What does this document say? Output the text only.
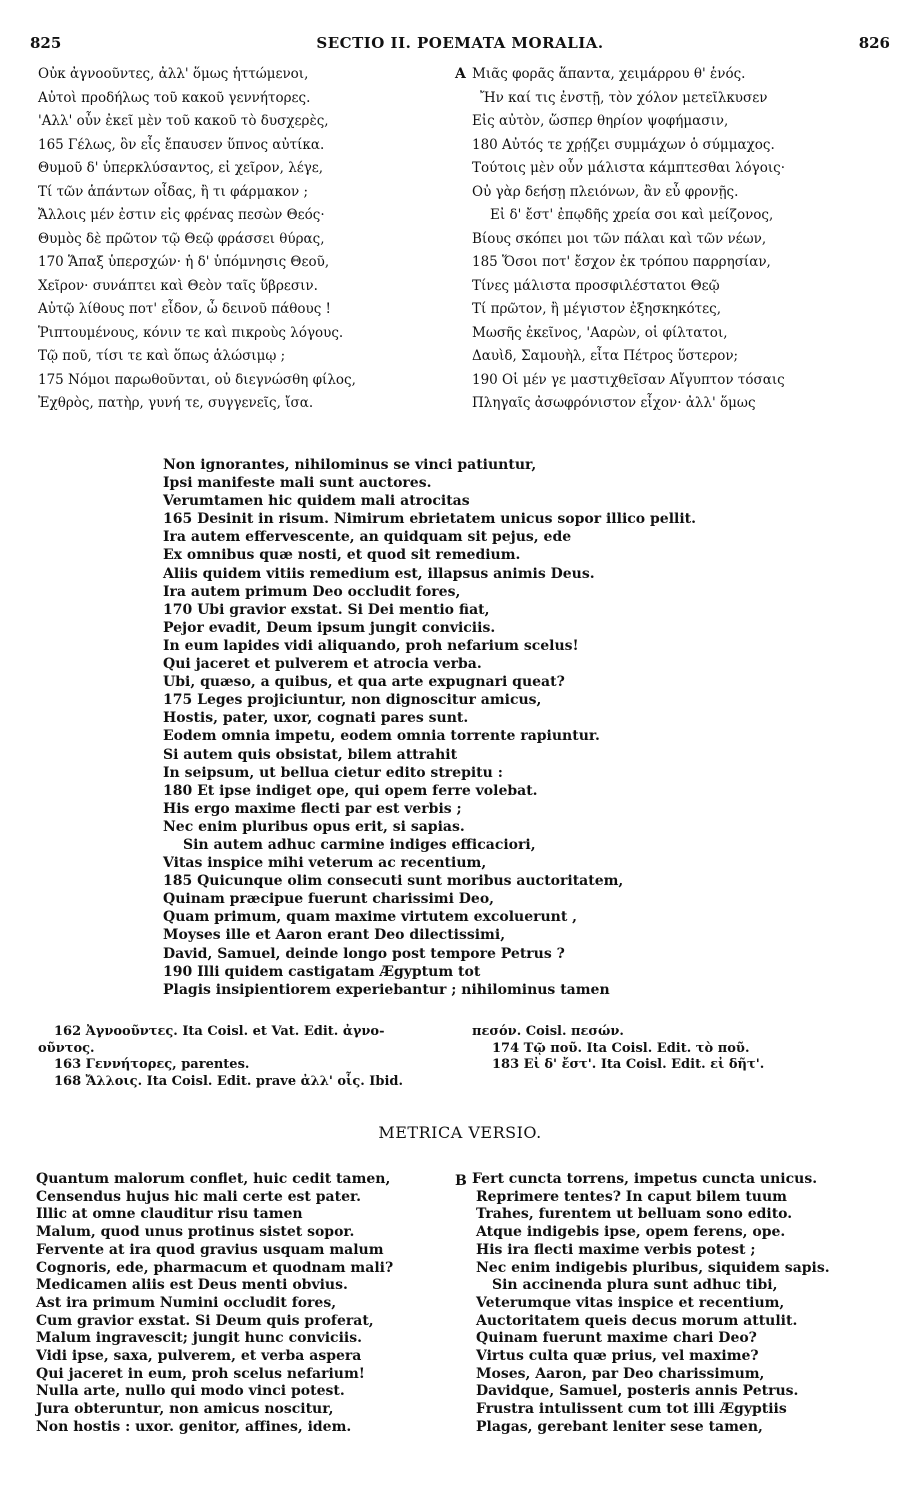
825	SECTIO II. POEMATA MORALIA.	826
Οὐκ ἀγνοοῦντες, ἀλλ' ὅμως ἡττώμενοι,
Αὐτοὶ προδήλως τοῦ κακοῦ γεννήτορες.
'Αλλ' οὖν ἐκεῖ μὲν τοῦ κακοῦ τὸ δυσχερὲς,
165 Γέλως, ὃν εἶς ἔπαυσεν ὕπνος αὐτίκα.
Θυμοῦ δ' ὑπερκλύσαντος, εἰ χεῖρον, λέγε,
Τί τῶν ἁπάντων οἶδας, ἢ τι φάρμακον ;
Ἄλλοις μέν ἐστιν εἰς φρένας πεσὼν Θεός·
Θυμὸς δὲ πρῶτον τῷ Θεῷ φράσσει θύρας,
170 Ἅπαξ ὑπερσχών· ἡ δ' ὑπόμνησις Θεοῦ,
Χεῖρον· συνάπτει καὶ Θεὸν ταῖς ὕβρεσιν.
Αὐτῷ λίθους ποτ' εἶδον, ὦ δεινοῦ πάθους !
Ῥιπτουμένους, κόνιν τε καὶ πικροὺς λόγους.
Τῷ ποῦ, τίσι τε καὶ ὅπως ἁλώσιμῳ ;
175 Νόμοι παρωθοῦνται, οὐ διεγνώσθη φίλος,
Ἐχθρὸς, πατὴρ, γυνή τε, συγγενεῖς, ἴσα.
A Μιᾶς φορᾶς ἅπαντα, χειμάρρου θ' ἑνός.
Ἤν καί τις ἐνστῇ, τὸν χόλον μετεῖλκυσεν
Εἰς αὐτὸν, ὥσπερ θηρίον ψοφήμασιν,
180 Αὐτός τε χρῄζει συμμάχων ὁ σύμμαχος.
Τούτοις μὲν οὖν μάλιστα κάμπτεσθαι λόγοις·
Οὐ γὰρ δεήσῃ πλειόνων, ἂν εὖ φρονῇς.
Εἰ δ' ἔστ' ἐπῳδῆς χρεία σοι καὶ μείζονος,
Βίους σκόπει μοι τῶν πάλαι καὶ τῶν νέων,
185 Ὅσοι ποτ' ἔσχον ἐκ τρόπου παρρησίαν,
Τίνες μάλιστα προσφιλέστατοι Θεῷ
Τί πρῶτον, ἢ μέγιστον ἐξησκηκότες,
Μωσῆς ἐκεῖνος, 'Ααρὼν, οἱ φίλτατοι,
Δαυὶδ, Σαμουὴλ, εἶτα Πέτρος ὕστερον;
190 Οἱ μέν γε μαστιχθεῖσαν Αἴγυπτον τόσαις
Πληγαῖς ἀσωφρόνιστον εἶχον· ἀλλ' ὅμως
Non ignorantes, nihilominus se vinci patiuntur,
Ipsi manifeste mali sunt auctores.
Verumtamen hic quidem mali atrocitas
165 Desinit in risum. Nimirum ebrietatem unicus sopor illico pellit.
Ira autem effervescente, an quidquam sit pejus, ede
Ex omnibus quæ nosti, et quod sit remedium.
Aliis quidem vitiis remedium est, illapsus animis Deus.
Ira autem primum Deo occludit fores,
170 Ubi gravior exstat. Si Dei mentio fiat,
Pejor evadit, Deum ipsum jungit conviciis.
In eum lapides vidi aliquando, proh nefarium scelus!
Qui jaceret et pulverem et atrocia verba.
Ubi, quæso, a quibus, et qua arte expugnari queat?
175 Leges projiciuntur, non dignoscitur amicus,
Hostis, pater, uxor, cognati pares sunt.
Eodem omnia impetu, eodem omnia torrente rapiuntur.
Si autem quis obsistat, bilem attrahit
In seipsum, ut bellua cietur edito strepitu :
180 Et ipse indiget ope, qui opem ferre volebat.
His ergo maxime flecti par est verbis ;
Nec enim pluribus opus erit, si sapias.
Sin autem adhuc carmine indiges efficaciori,
Vitas inspice mihi veterum ac recentium,
185 Quicunque olim consecuti sunt moribus auctoritatem,
Quinam præcipue fuerunt charissimi Deo,
Quam primum, quam maxime virtutem excoluerunt ,
Moyses ille et Aaron erant Deo dilectissimi,
David, Samuel, deinde longo post tempore Petrus ?
190 Illi quidem castigatam Ægyptum tot
Plagis insipientiorem experiebantur ; nihilominus tamen
162 Ἀγνοοῦντες. Ita Coisl. et Vat. Edit. ἀγνο-
οῦντος.
163 Γεννήτορες, parentes.
168 Ἄλλοις. Ita Coisl. Edit. prave ἀλλ' οἷς. Ibid.
πεσόν. Coisl. πεσών.
174 Τῷ ποῦ. Ita Coisl. Edit. τὸ ποῦ.
183 Εἰ δ' ἔστ'. Ita Coisl. Edit. εἰ δῆτ'.
METRICA VERSIO.
Quantum malorum conflet, huic cedit tamen,
Censendus hujus hic mali certe est pater.
Illic at omne clauditur risu tamen
Malum, quod unus protinus sistet sopor.
Fervente at ira quod gravius usquam malum
Cognoris, ede, pharmacum et quodnam mali?
Medicamen aliis est Deus menti obvius.
Ast ira primum Numini occludit fores,
Cum gravior exstat. Si Deum quis proferat,
Malum ingravescit; jungit hunc conviciis.
Vidi ipse, saxa, pulverem, et verba aspera
Qui jaceret in eum, proh scelus nefarium!
Nulla arte, nullo qui modo vinci potest.
Jura obteruntur, non amicus noscitur,
Non hostis : uxor. genitor, affines, idem.
B Fert cuncta torrens, impetus cuncta unicus.
Reprimere tentes? In caput bilem tuum
Trahes, furentem ut belluam sono edito.
Atque indigebis ipse, opem ferens, ope.
His ira flecti maxime verbis potest ;
Nec enim indigebis pluribus, siquidem sapis.
Sin accinenda plura sunt adhuc tibi,
Veterumque vitas inspice et recentium,
Auctoritatem queis decus morum attulit.
Quinam fuerunt maxime chari Deo?
Virtus culta quæ prius, vel maxime?
Moses, Aaron, par Deo charissimum,
Davidque, Samuel, posteris annis Petrus.
Frustra intulissent cum tot illi Ægyptiis
Plagas, gerebant leniter sese tamen,
